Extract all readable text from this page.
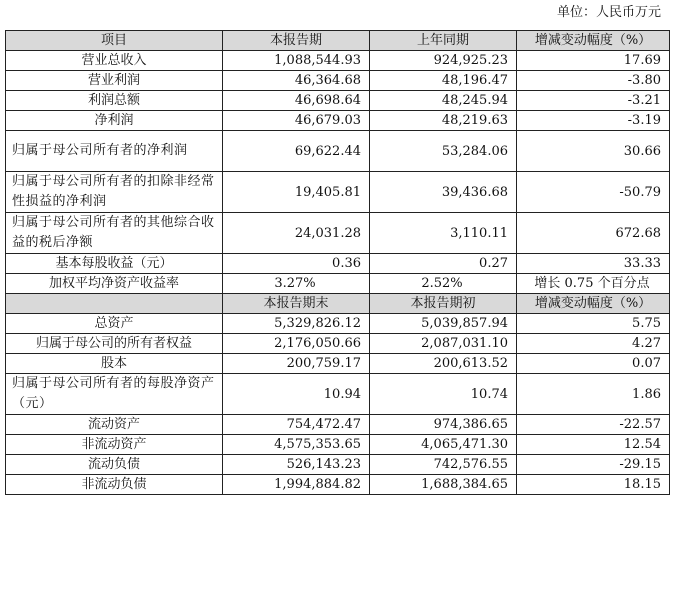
单位：人民币万元
项目	本报告期	上年同期	增减变动幅度（%）
营业总收入	1,088,544.93	924,925.23	17.69
营业利润	46,364.68	48,196.47	-3.80
利润总额	46,698.64	48,245.94	-3.21
净利润	46,679.03	48,219.63	-3.19
归属于母公司所有者的净利润	69,622.44	53,284.06	30.66
归属于母公司所有者的扣除非经常性损益的净利润	19,405.81	39,436.68	-50.79
归属于母公司所有者的其他综合收益的税后净额	24,031.28	3,110.11	672.68
基本每股收益（元）	0.36	0.27	33.33
加权平均净资产收益率	3.27%	2.52%	增长 0.75 个百分点
	本报告期末	本报告期初	增减变动幅度（%）
总资产	5,329,826.12	5,039,857.94	5.75
归属于母公司的所有者权益	2,176,050.66	2,087,031.10	4.27
股本	200,759.17	200,613.52	0.07
归属于母公司所有者的每股净资产（元）	10.94	10.74	1.86
流动资产	754,472.47	974,386.65	-22.57
非流动资产	4,575,353.65	4,065,471.30	12.54
流动负债	526,143.23	742,576.55	-29.15
非流动负债	1,994,884.82	1,688,384.65	18.15
